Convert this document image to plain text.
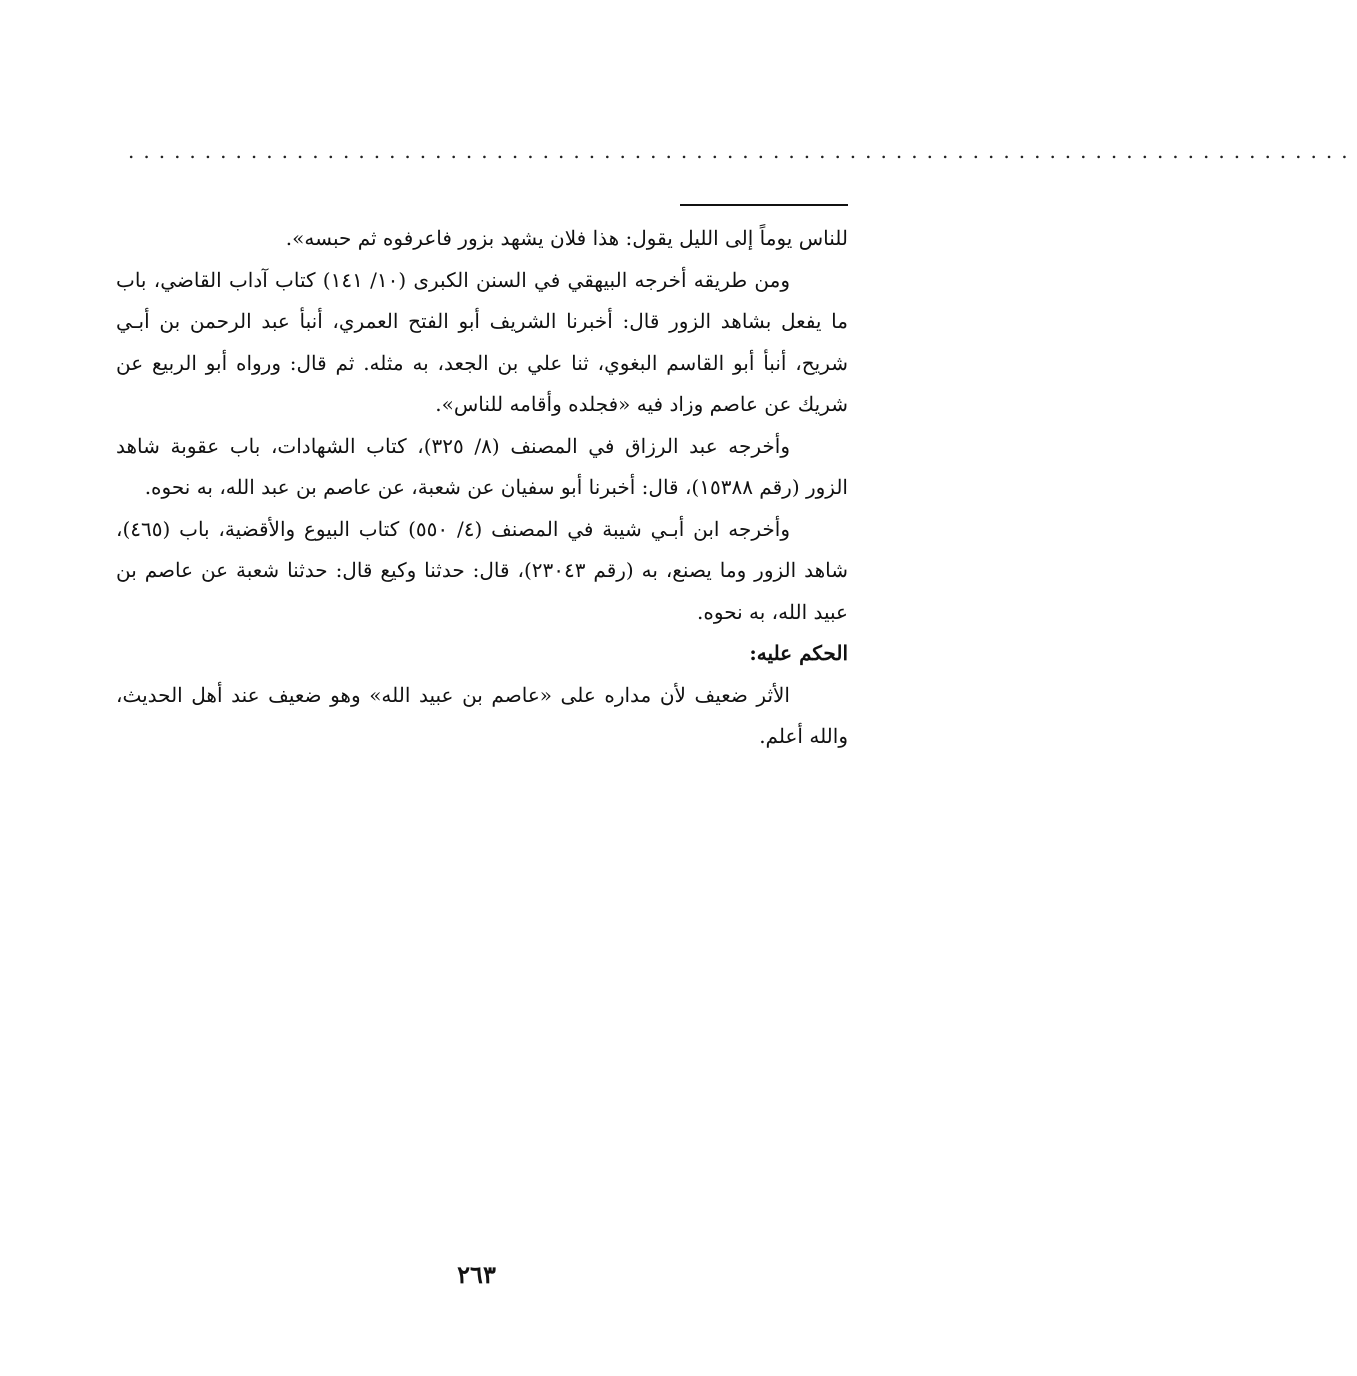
................................................................................

للناس يوماً إلى الليل يقول: هذا فلان يشهد بزور فاعرفوه ثم حبسه».

ومن طريقه أخرجه البيهقي في السنن الكبرى (١٠/ ١٤١) كتاب آداب القاضي، باب ما يفعل بشاهد الزور قال: أخبرنا الشريف أبو الفتح العمري، أنبأ عبد الرحمن بن أبـي شريح، أنبأ أبو القاسم البغوي، ثنا علي بن الجعد، به مثله. ثم قال: ورواه أبو الربيع عن شريك عن عاصم وزاد فيه «فجلده وأقامه للناس».

وأخرجه عبد الرزاق في المصنف (٨/ ٣٢٥)، كتاب الشهادات، باب عقوبة شاهد الزور (رقم ١٥٣٨٨)، قال: أخبرنا أبو سفيان عن شعبة، عن عاصم بن عبد الله، به نحوه.

وأخرجه ابن أبـي شيبة في المصنف (٤/ ٥٥٠) كتاب البيوع والأقضية، باب (٤٦٥)، شاهد الزور وما يصنع، به (رقم ٢٣٠٤٣)، قال: حدثنا وكيع قال: حدثنا شعبة عن عاصم بن عبيد الله، به نحوه.

الحكم عليه:

الأثر ضعيف لأن مداره على «عاصم بن عبيد الله» وهو ضعيف عند أهل الحديث، والله أعلم.

٢٦٣
